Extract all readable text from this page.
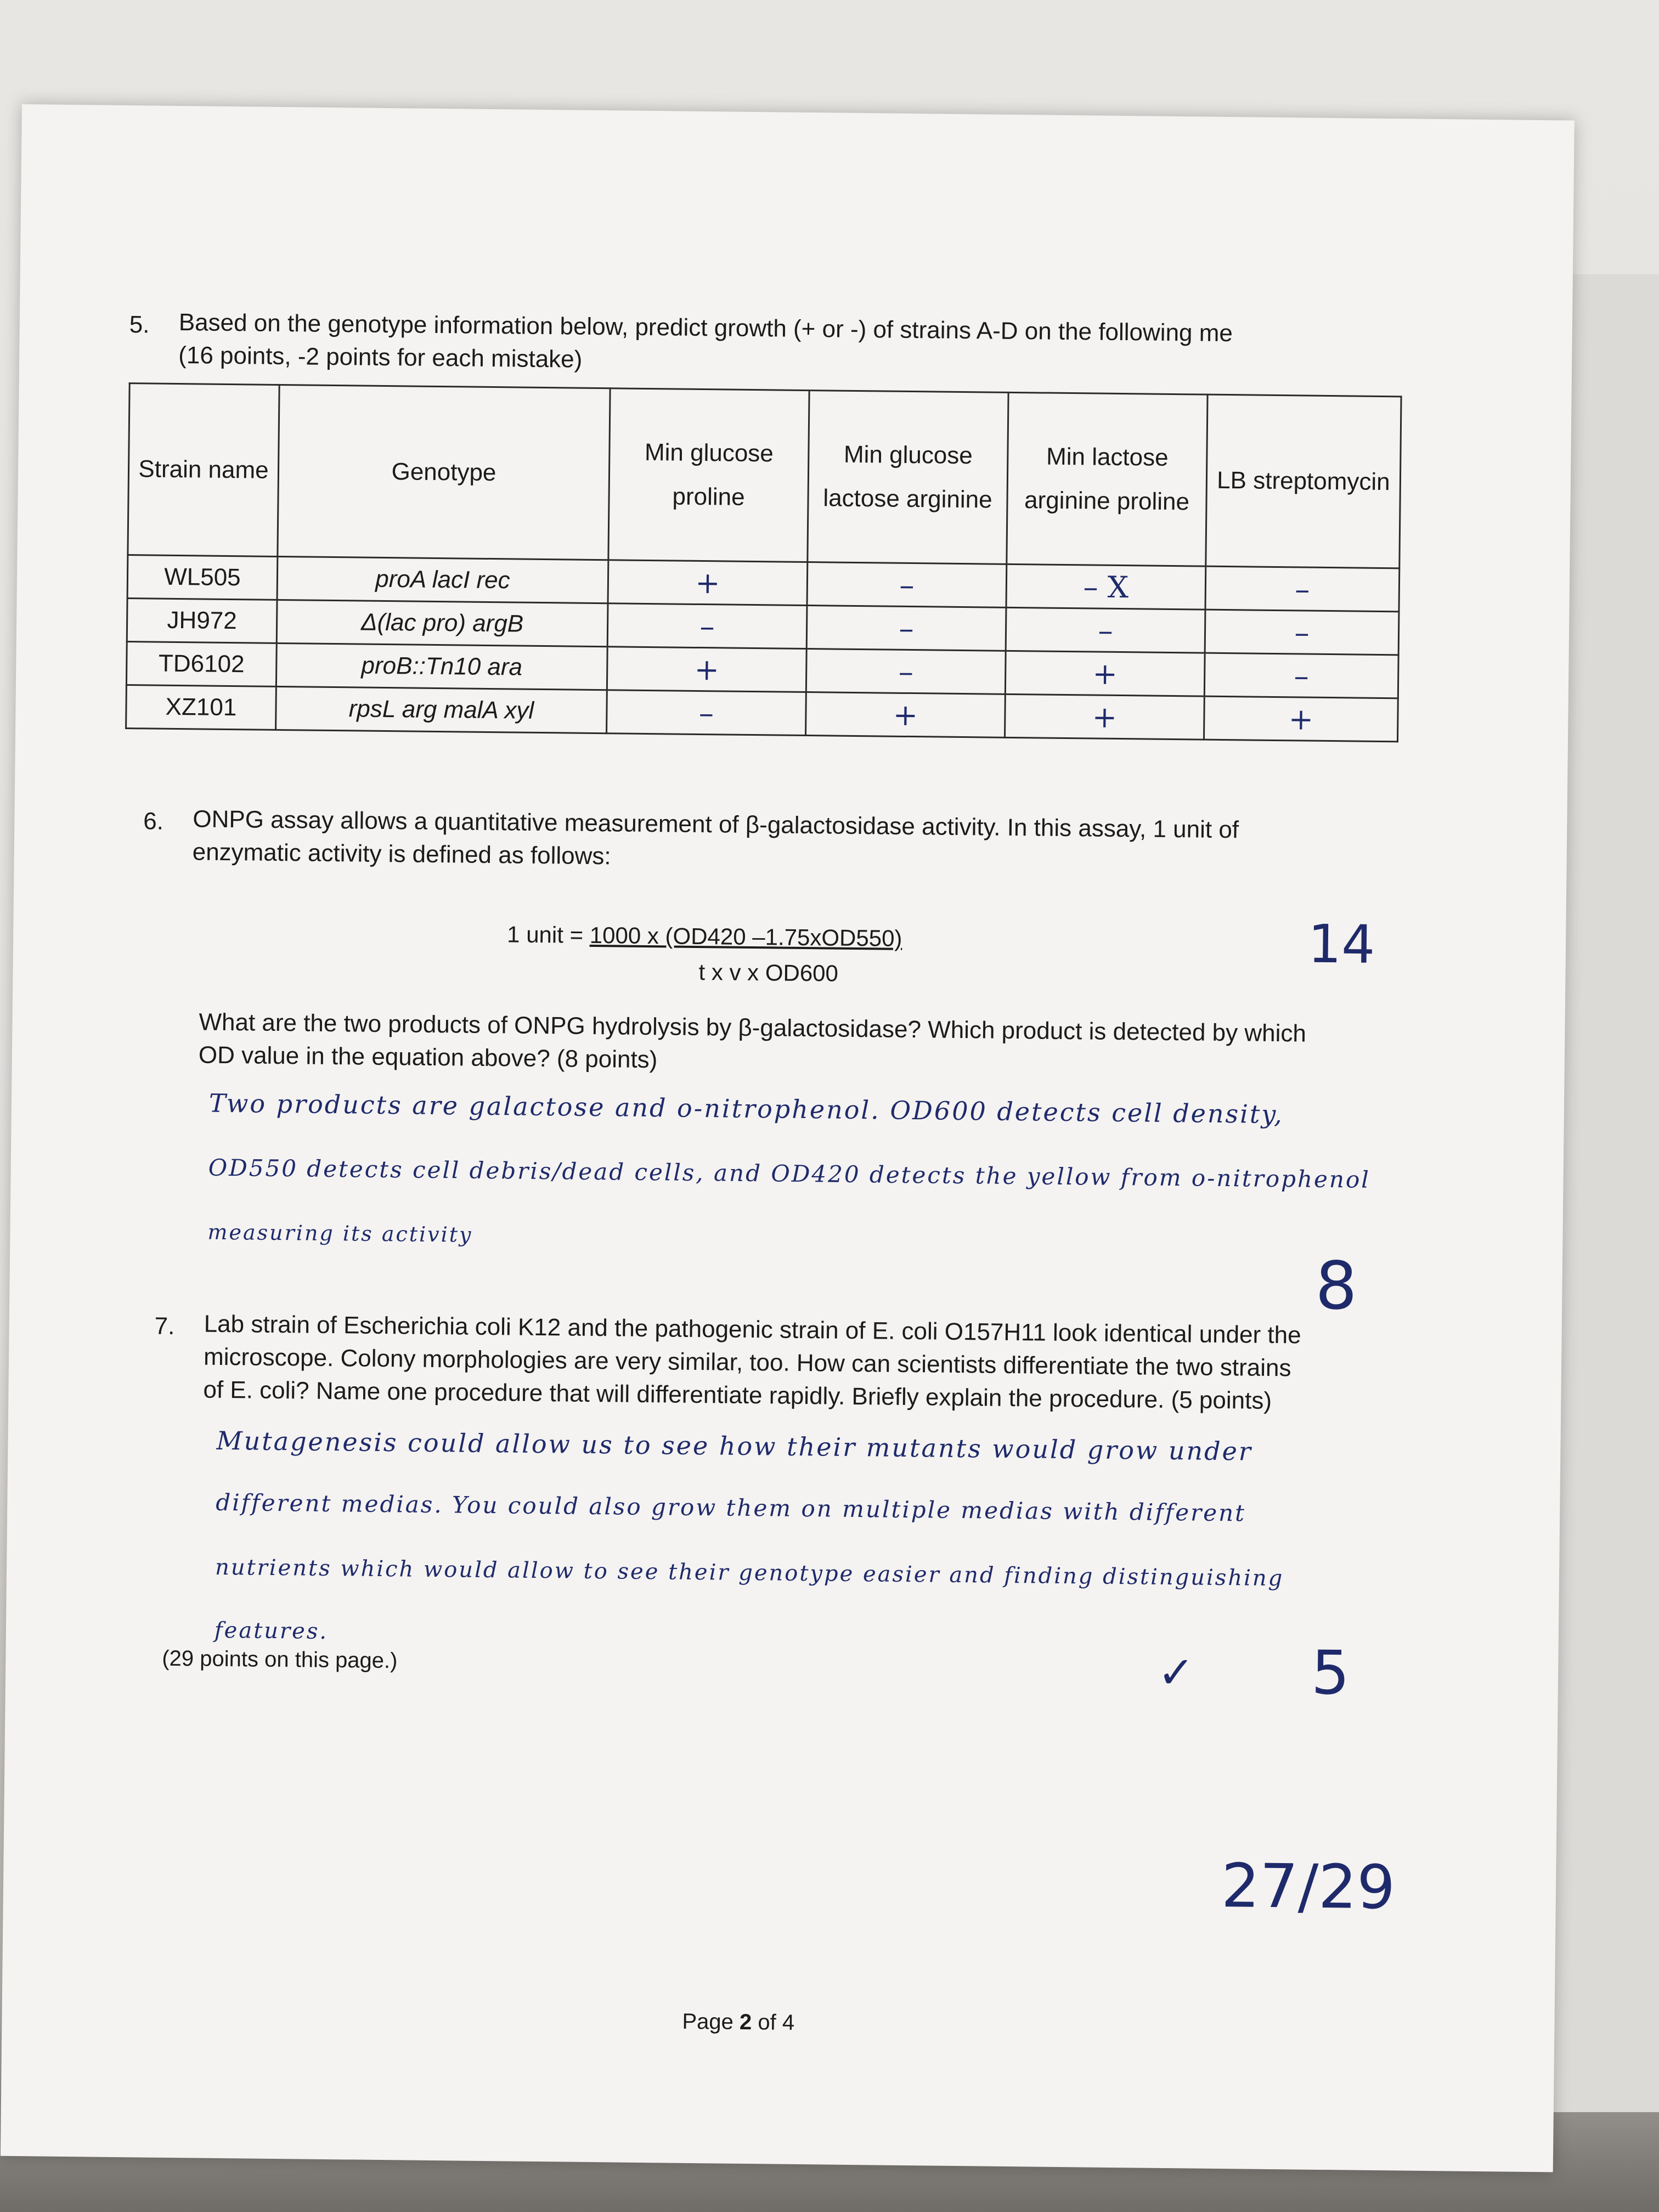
5. Based on the genotype information below, predict growth (+ or -) of strains A-D on the following me
(16 points, -2 points for each mistake)
Strain name	Genotype	Min glucose proline	Min glucose lactose arginine	Min lactose arginine proline	LB streptomycin
WL505	proA lacI rec	+	–	– X	–
JH972	Δ(lac pro) argB	–	–	–	–
TD6102	proB::Tn10 ara	+	–	+	–
XZ101	rpsL arg malA xyl	–	+	+	+
6. ONPG assay allows a quantitative measurement of β-galactosidase activity. In this assay, 1 unit of
enzymatic activity is defined as follows:
1 unit = 1000 x (OD420 –1.75xOD550)
t x v x OD600	14
What are the two products of ONPG hydrolysis by β-galactosidase? Which product is detected by which
OD value in the equation above? (8 points)
Two products are galactose and o-nitrophenol. OD600 detects cell density,
OD550 detects cell debris/dead cells, and OD420 detects the yellow from o-nitrophenol
measuring its activity
8
7. Lab strain of Escherichia coli K12 and the pathogenic strain of E. coli O157H11 look identical under the
microscope. Colony morphologies are very similar, too. How can scientists differentiate the two strains
of E. coli? Name one procedure that will differentiate rapidly. Briefly explain the procedure. (5 points)
Mutagenesis could allow us to see how their mutants would grow under
different medias. You could also grow them on multiple medias with different
nutrients which would allow to see their genotype easier and finding distinguishing
features.
(29 points on this page.)	✓ 5
27/29
Page 2 of 4
